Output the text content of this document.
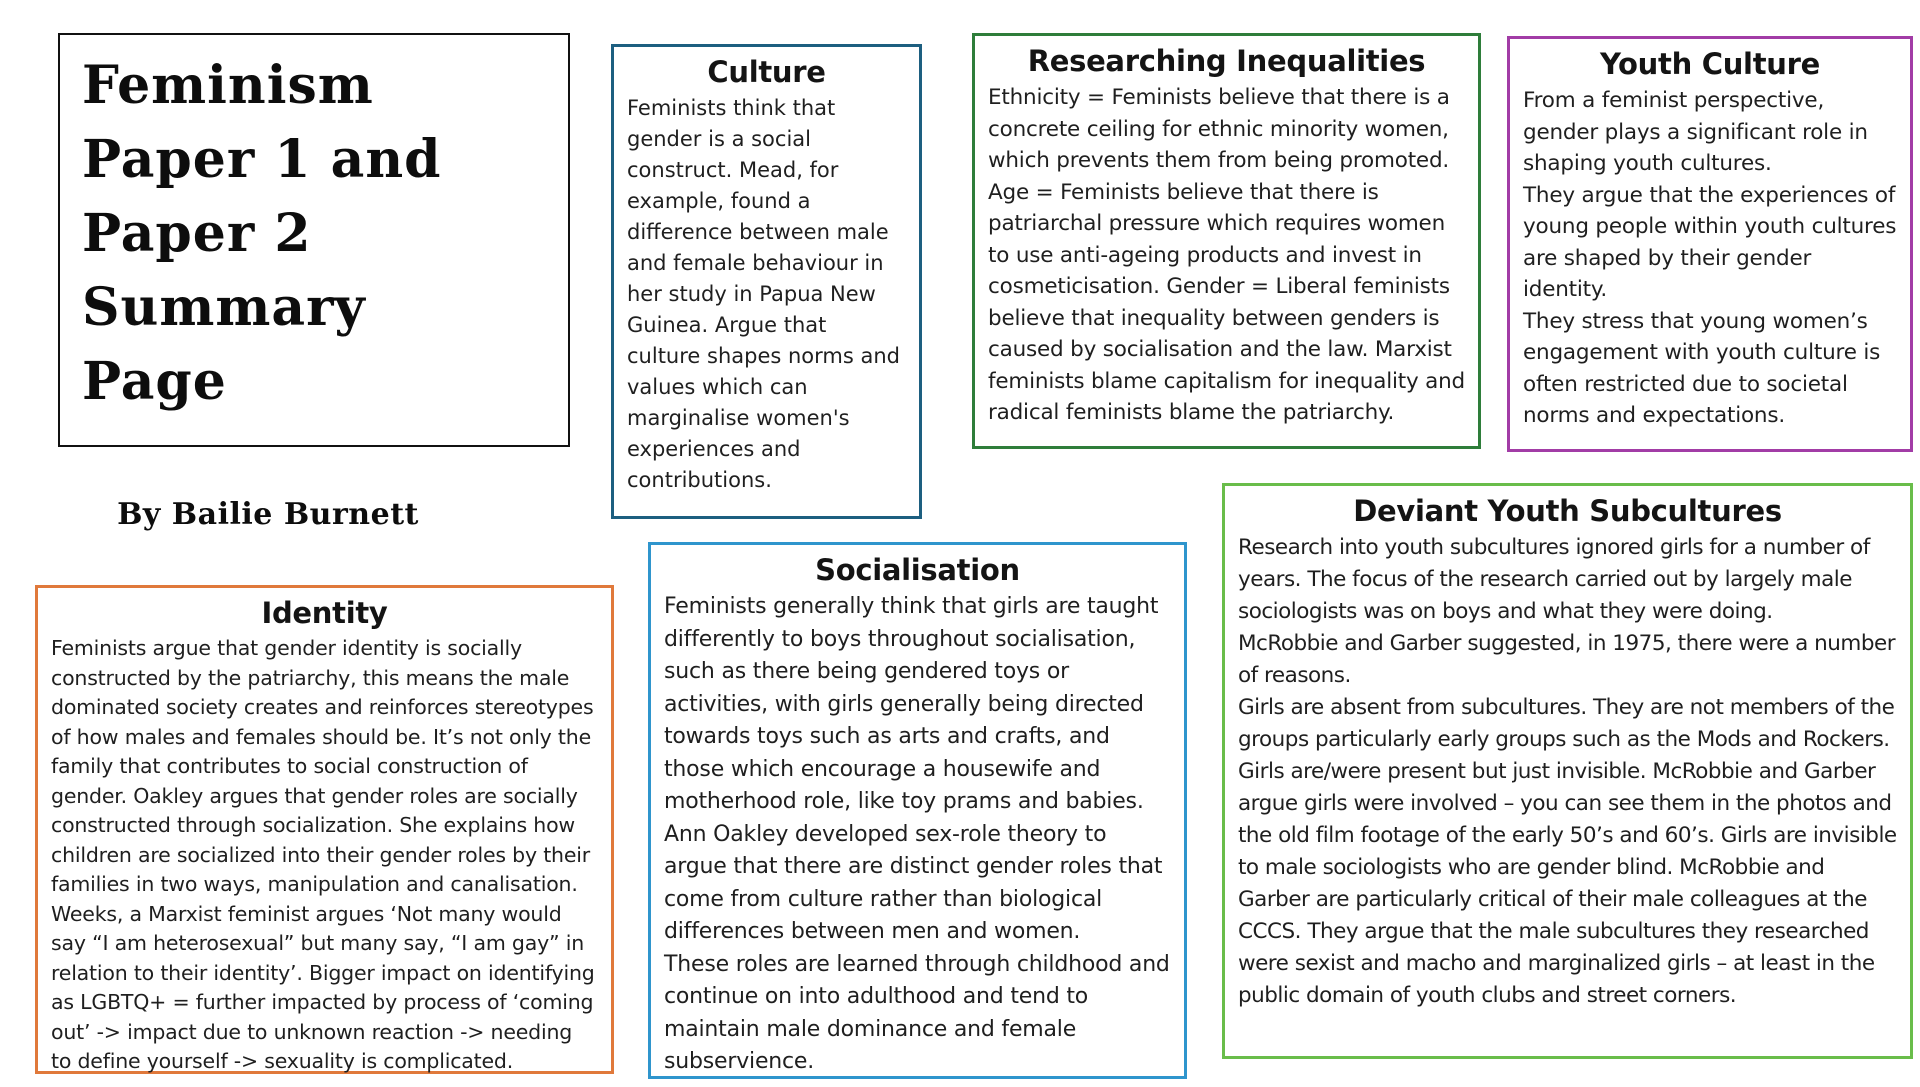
Feminism
Paper 1 and
Paper 2
Summary
Page
By Bailie Burnett
Culture

Feminists think that gender is a social construct. Mead, for example, found a difference between male and female behaviour in her study in Papua New Guinea. Argue that culture shapes norms and values which can marginalise women's experiences and contributions.

Researching Inequalities

Ethnicity = Feminists believe that there is a concrete ceiling for ethnic minority women, which prevents them from being promoted. Age = Feminists believe that there is patriarchal pressure which requires women to use anti-ageing products and invest in cosmeticisation. Gender = Liberal feminists believe that inequality between genders is caused by socialisation and the law. Marxist feminists blame capitalism for inequality and radical feminists blame the patriarchy.

Youth Culture

From a feminist perspective, gender plays a significant role in shaping youth cultures.

They argue that the experiences of young people within youth cultures are shaped by their gender identity.

They stress that young women’s engagement with youth culture is often restricted due to societal norms and expectations.

Identity

Feminists argue that gender identity is socially constructed by the patriarchy, this means the male dominated society creates and reinforces stereotypes of how males and females should be. It’s not only the family that contributes to social construction of gender. Oakley argues that gender roles are socially constructed through socialization. She explains how children are socialized into their gender roles by their families in two ways, manipulation and canalisation. Weeks, a Marxist feminist argues ‘Not many would say “I am heterosexual” but many say, “I am gay” in relation to their identity’. Bigger impact on identifying as LGBTQ+ = further impacted by process of ‘coming out’ -> impact due to unknown reaction -> needing to define yourself -> sexuality is complicated.

Socialisation

Feminists generally think that girls are taught differently to boys throughout socialisation, such as there being gendered toys or activities, with girls generally being directed towards toys such as arts and crafts, and those which encourage a housewife and motherhood role, like toy prams and babies. Ann Oakley developed sex-role theory to argue that there are distinct gender roles that come from culture rather than biological differences between men and women.

These roles are learned through childhood and continue on into adulthood and tend to maintain male dominance and female subservience.

Deviant Youth Subcultures

Research into youth subcultures ignored girls for a number of years. The focus of the research carried out by largely male sociologists was on boys and what they were doing.

McRobbie and Garber suggested, in 1975, there were a number of reasons.

Girls are absent from subcultures. They are not members of the groups particularly early groups such as the Mods and Rockers. Girls are/were present but just invisible. McRobbie and Garber argue girls were involved – you can see them in the photos and the old film footage of the early 50’s and 60’s. Girls are invisible to male sociologists who are gender blind. McRobbie and Garber are particularly critical of their male colleagues at the CCCS. They argue that the male subcultures they researched were sexist and macho and marginalized girls – at least in the public domain of youth clubs and street corners.
